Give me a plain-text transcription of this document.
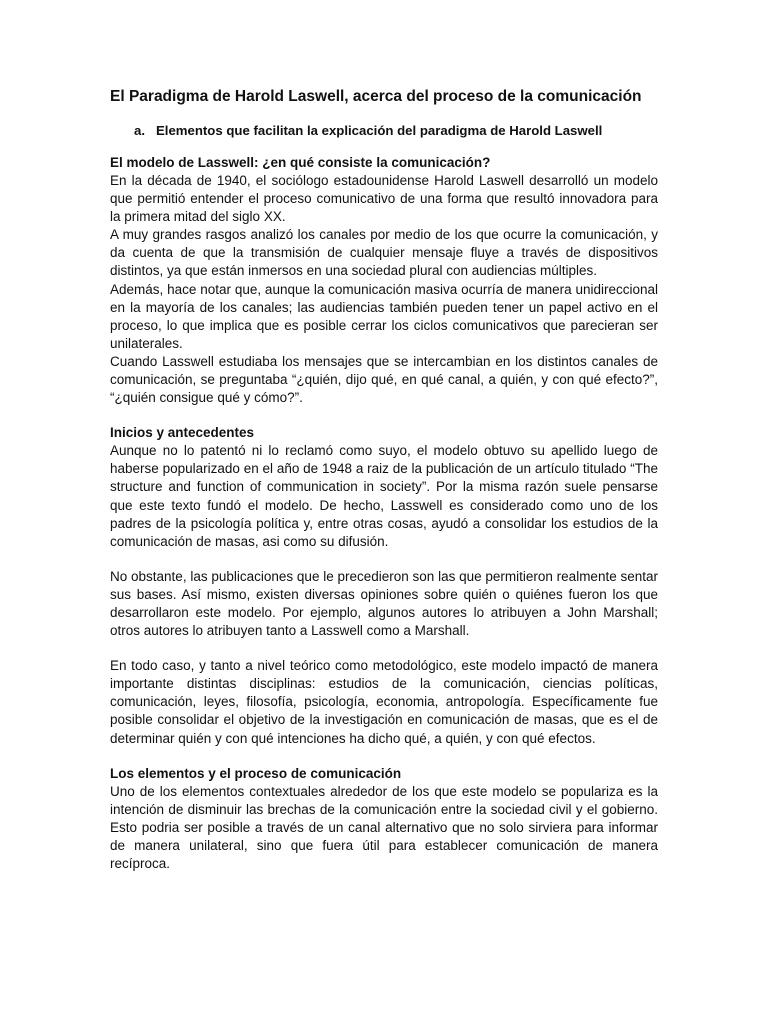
El Paradigma de Harold Laswell, acerca del proceso de la comunicación
a. Elementos que facilitan la explicación del paradigma de Harold Laswell
El modelo de Lasswell: ¿en qué consiste la comunicación?

En la década de 1940, el sociólogo estadounidense Harold Laswell desarrolló un modelo que permitió entender el proceso comunicativo de una forma que resultó innovadora para la primera mitad del siglo XX.

A muy grandes rasgos analizó los canales por medio de los que ocurre la comunicación, y da cuenta de que la transmisión de cualquier mensaje fluye a través de dispositivos distintos, ya que están inmersos en una sociedad plural con audiencias múltiples.

Además, hace notar que, aunque la comunicación masiva ocurría de manera unidireccional en la mayoría de los canales; las audiencias también pueden tener un papel activo en el proceso, lo que implica que es posible cerrar los ciclos comunicativos que parecieran ser unilaterales.

Cuando Lasswell estudiaba los mensajes que se intercambian en los distintos canales de comunicación, se preguntaba “¿quién, dijo qué, en qué canal, a quién, y con qué efecto?”, “¿quién consigue qué y cómo?”.

Inicios y antecedentes

Aunque no lo patentó ni lo reclamó como suyo, el modelo obtuvo su apellido luego de haberse popularizado en el año de 1948 a raiz de la publicación de un artículo titulado “The structure and function of communication in society”. Por la misma razón suele pensarse que este texto fundó el modelo. De hecho, Lasswell es considerado como uno de los padres de la psicología política y, entre otras cosas, ayudó a consolidar los estudios de la comunicación de masas, asi como su difusión.

No obstante, las publicaciones que le precedieron son las que permitieron realmente sentar sus bases. Así mismo, existen diversas opiniones sobre quién o quiénes fueron los que desarrollaron este modelo. Por ejemplo, algunos autores lo atribuyen a John Marshall; otros autores lo atribuyen tanto a Lasswell como a Marshall.

En todo caso, y tanto a nivel teórico como metodológico, este modelo impactó de manera importante distintas disciplinas: estudios de la comunicación, ciencias políticas, comunicación, leyes, filosofía, psicología, economia, antropología. Específicamente fue posible consolidar el objetivo de la investigación en comunicación de masas, que es el de determinar quién y con qué intenciones ha dicho qué, a quién, y con qué efectos.

Los elementos y el proceso de comunicación

Uno de los elementos contextuales alrededor de los que este modelo se populariza es la intención de disminuir las brechas de la comunicación entre la sociedad civil y el gobierno. Esto podria ser posible a través de un canal alternativo que no solo sirviera para informar de manera unilateral, sino que fuera útil para establecer comunicación de manera recíproca.
